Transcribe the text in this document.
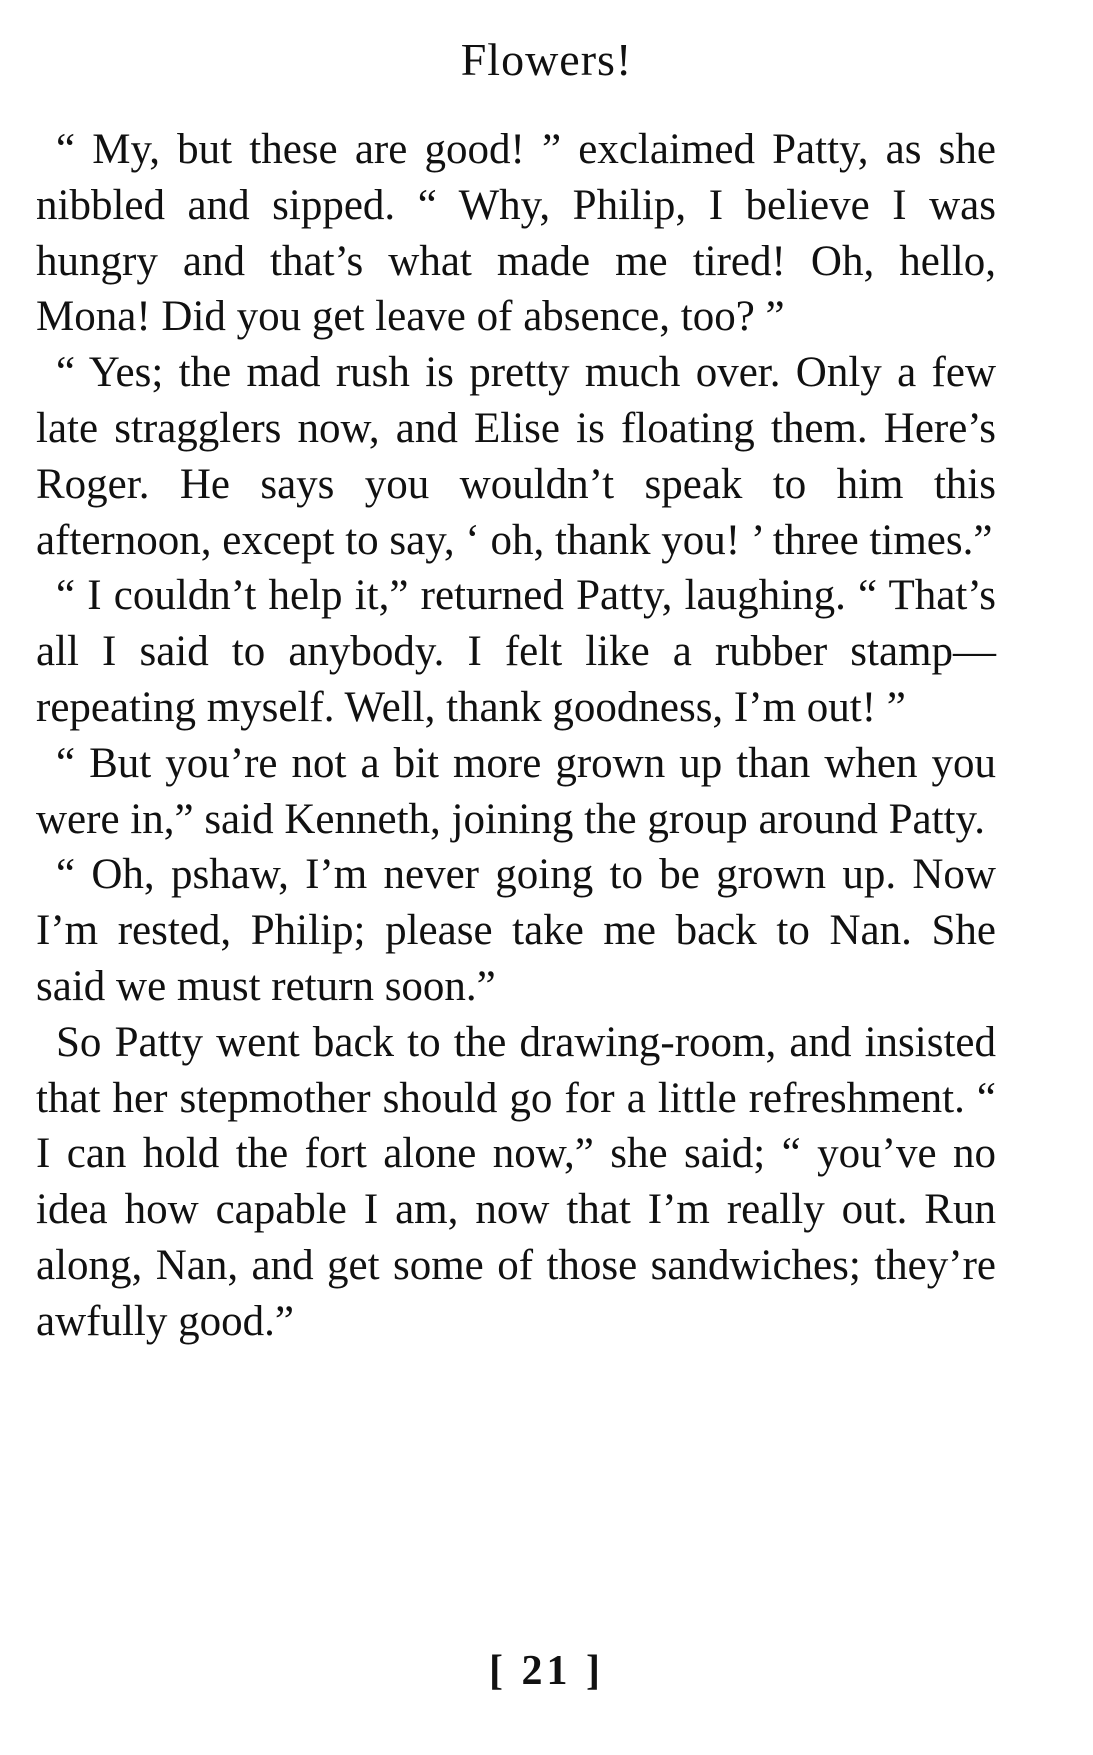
Flowers!

“ My, but these are good! ” exclaimed Patty, as she nibbled and sipped. “ Why, Philip, I believe I was hungry and that’s what made me tired! Oh, hello, Mona! Did you get leave of absence, too? ”

“ Yes; the mad rush is pretty much over. Only a few late stragglers now, and Elise is floating them. Here’s Roger. He says you wouldn’t speak to him this afternoon, except to say, ‘ oh, thank you! ’ three times.”

“ I couldn’t help it,” returned Patty, laughing. “ That’s all I said to anybody. I felt like a rubber stamp—repeating myself. Well, thank goodness, I’m out! ”

“ But you’re not a bit more grown up than when you were in,” said Kenneth, joining the group around Patty.

“ Oh, pshaw, I’m never going to be grown up. Now I’m rested, Philip; please take me back to Nan. She said we must return soon.”

So Patty went back to the drawing-room, and insisted that her stepmother should go for a little refreshment. “ I can hold the fort alone now,” she said; “ you’ve no idea how capable I am, now that I’m really out. Run along, Nan, and get some of those sandwiches; they’re awfully good.”

[ 21 ]
